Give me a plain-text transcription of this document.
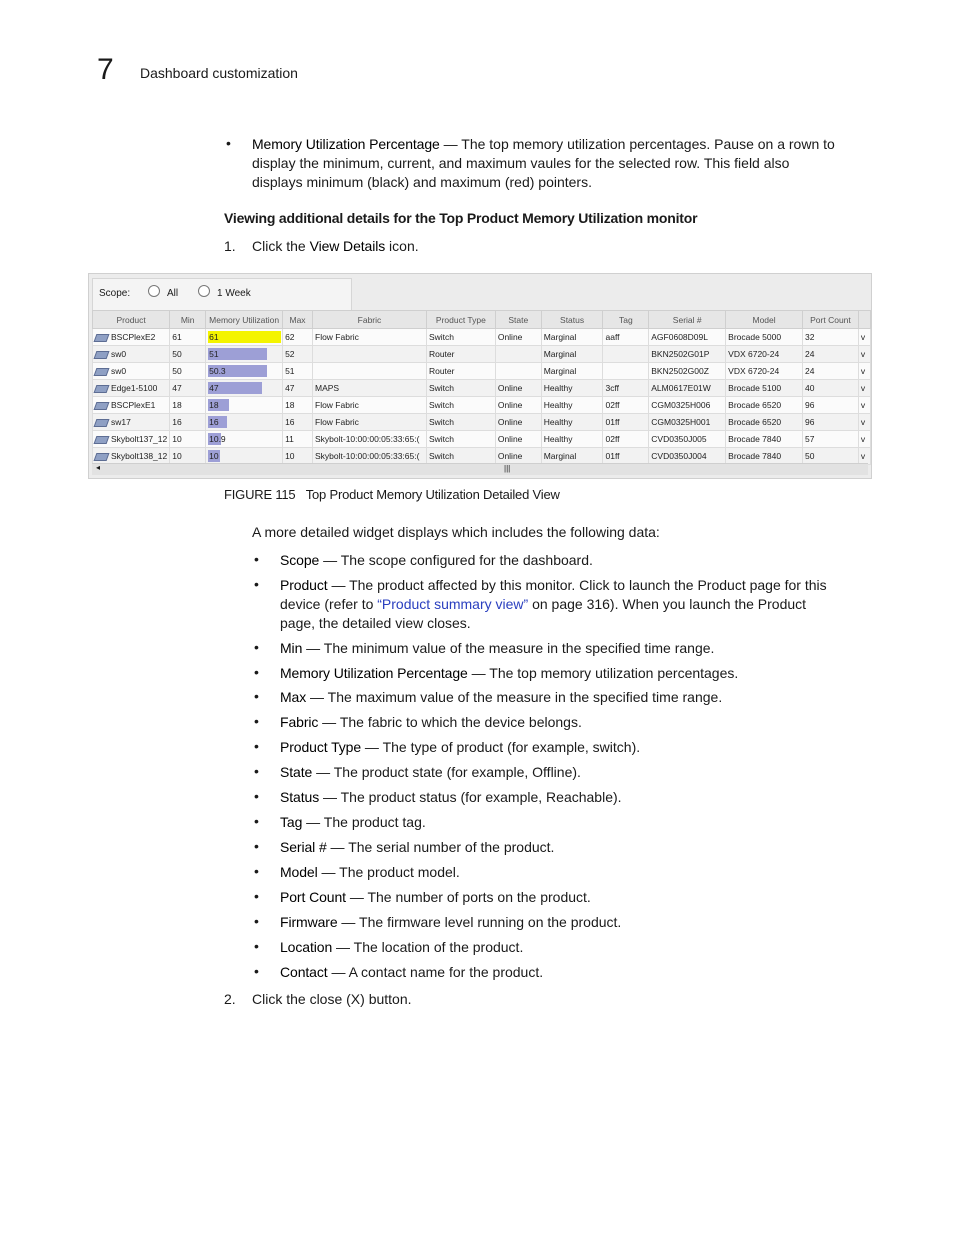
7 Dashboard customization
• Memory Utilization Percentage — The top memory utilization percentages. Pause on a rown to
display the minimum, current, and maximum vaules for the selected row. This field also
displays minimum (black) and maximum (red) pointers.
Viewing additional details for the Top Product Memory Utilization monitor
1. Click the View Details icon.
Scope:	All	1 Week
Product	Min	Memory Utilization	Max	Fabric	Product Type	State	Status	Tag	Serial #	Model	Port Count	
BSCPlexE2	61	61	62	Flow Fabric	Switch	Online	Marginal	aaff	AGF0608D09L	Brocade 5000	32	v
sw0	50	51	52		Router		Marginal		BKN2502G01P	VDX 6720-24	24	v
sw0	50	50.3	51		Router		Marginal		BKN2502G00Z	VDX 6720-24	24	v
Edge1-5100	47	47	47	MAPS	Switch	Online	Healthy	3cff	ALM0617E01W	Brocade 5100	40	v
BSCPlexE1	18	18	18	Flow Fabric	Switch	Online	Healthy	02ff	CGM0325H006	Brocade 6520	96	v
sw17	16	16	16	Flow Fabric	Switch	Online	Healthy	01ff	CGM0325H001	Brocade 6520	96	v
Skybolt137_12	10	10.9	11	Skybolt-10:00:00:05:33:65:(	Switch	Online	Healthy	02ff	CVD0350J005	Brocade 7840	57	v
Skybolt138_12	10	10	10	Skybolt-10:00:00:05:33:65:(	Switch	Online	Marginal	01ff	CVD0350J004	Brocade 7840	50	v
◂	|||
FIGURE 115 Top Product Memory Utilization Detailed View
A more detailed widget displays which includes the following data:
• Scope — The scope configured for the dashboard.
• Product — The product affected by this monitor. Click to launch the Product page for this
device (refer to “Product summary view” on page 316). When you launch the Product
page, the detailed view closes.
• Min — The minimum value of the measure in the specified time range.
• Memory Utilization Percentage — The top memory utilization percentages.
• Max — The maximum value of the measure in the specified time range.
• Fabric — The fabric to which the device belongs.
• Product Type — The type of product (for example, switch).
• State — The product state (for example, Offline).
• Status — The product status (for example, Reachable).
• Tag — The product tag.
• Serial # — The serial number of the product.
• Model — The product model.
• Port Count — The number of ports on the product.
• Firmware — The firmware level running on the product.
• Location — The location of the product.
• Contact — A contact name for the product.
2. Click the close (X) button.
